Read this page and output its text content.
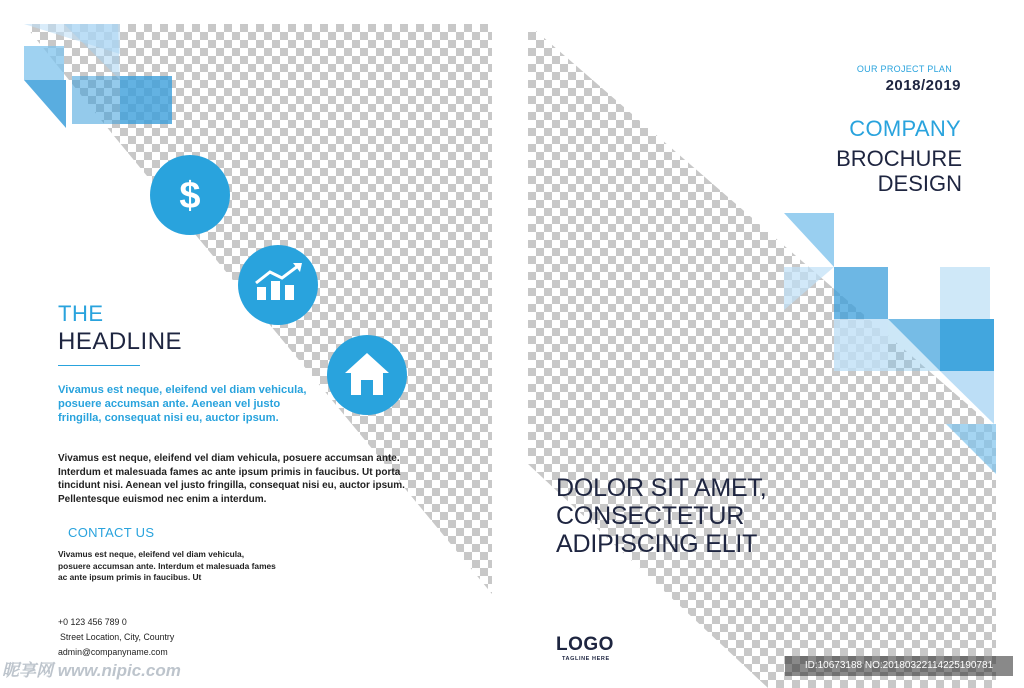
$
THE
HEADLINE
Vivamus est neque, eleifend vel diam vehicula, posuere accumsan ante. Aenean vel justo fringilla, consequat nisi eu, auctor ipsum.
Vivamus est neque, eleifend vel diam vehicula, posuere accumsan ante. Interdum et malesuada fames ac ante ipsum primis in faucibus. Ut porta tincidunt nisi. Aenean vel justo fringilla, consequat nisi eu, auctor ipsum. Pellentesque euismod nec enim a interdum.
CONTACT US
Vivamus est neque, eleifend vel diam vehicula, posuere accumsan ante. Interdum et malesuada fames ac ante ipsum primis in faucibus. Ut
+0 123 456 789 0
Street Location, City, Country
admin@companyname.com
OUR PROJECT PLAN
2018/2019
COMPANY
BROCHURE
DESIGN
DOLOR SIT AMET,
CONSECTETUR
ADIPISCING ELIT
LOGO
TAGLINE HERE
昵享网 www.nipic.com	ID:10673188 NO:20180322114225190781
